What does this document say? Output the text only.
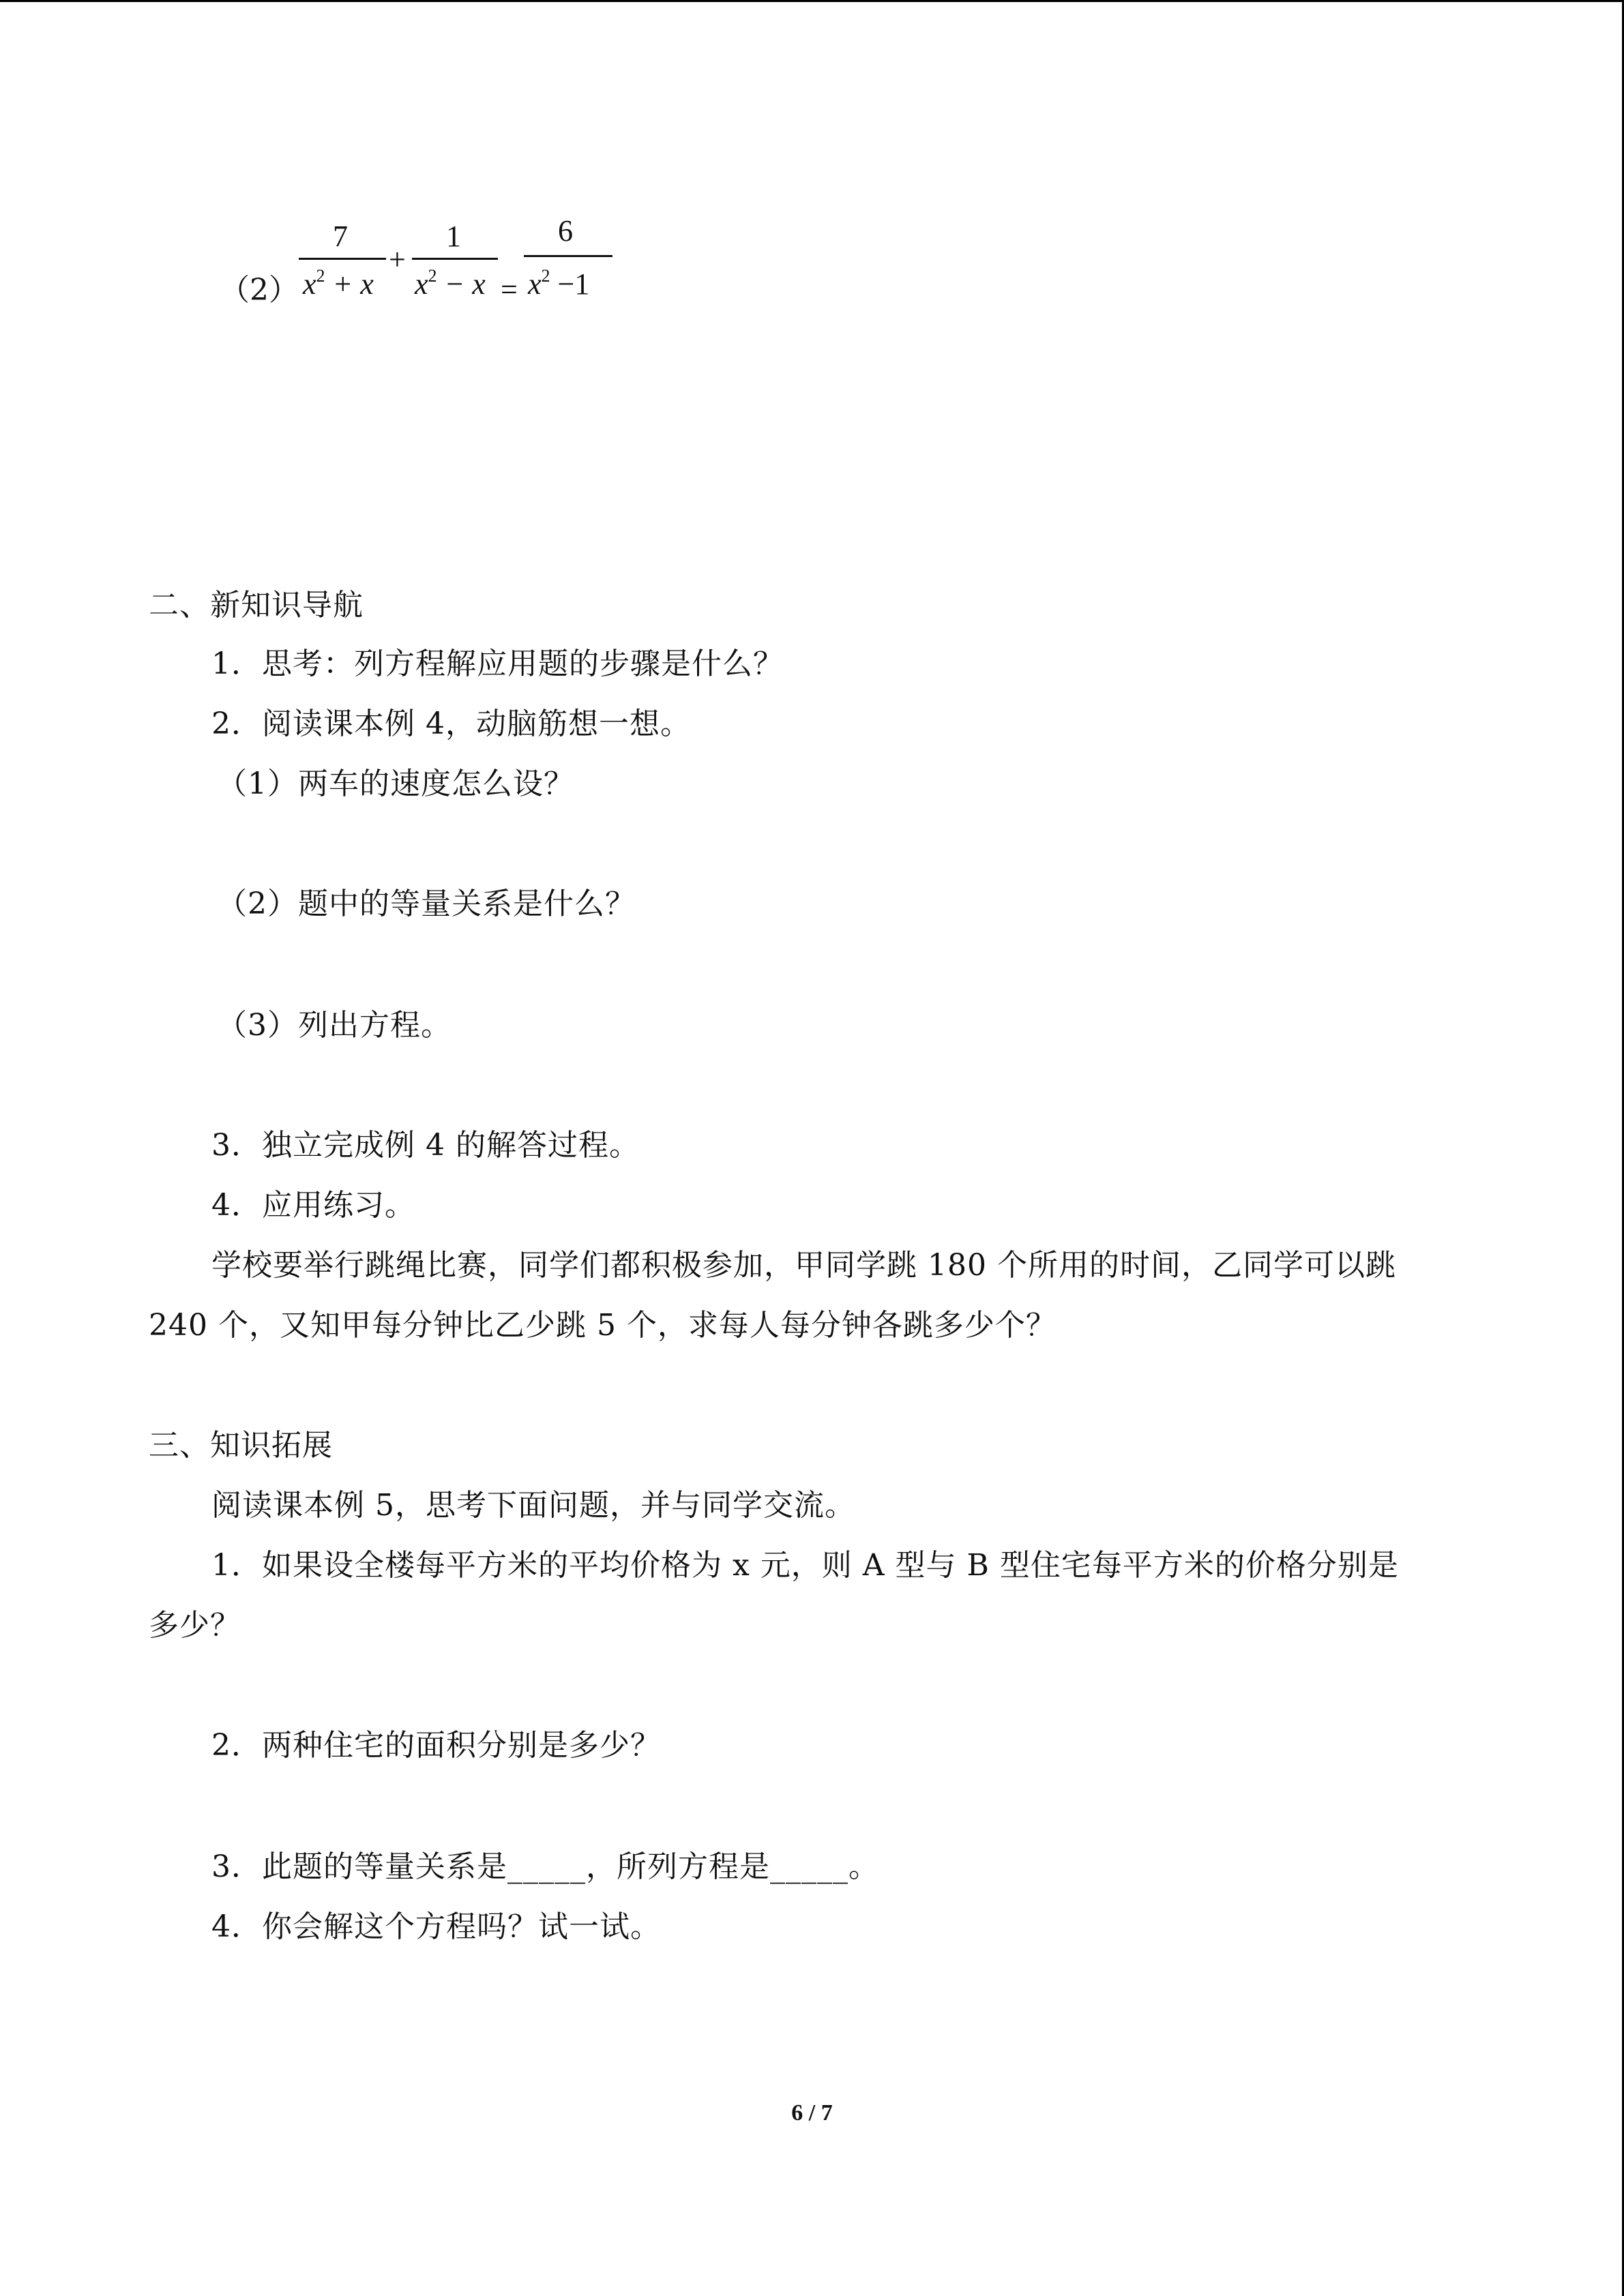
（2）
7
$x^2 + x$
+
1
$x^2 - x$ =
6
$x^2 -1$
二、新知识导航
1．思考：列方程解应用题的步骤是什么？
2．阅读课本例 4，动脑筋想一想。
（1）两车的速度怎么设？
（2）题中的等量关系是什么？
（3）列出方程。
3．独立完成例 4 的解答过程。
4．应用练习。
学校要举行跳绳比赛，同学们都积极参加，甲同学跳 180 个所用的时间，乙同学可以跳
240 个，又知甲每分钟比乙少跳 5 个，求每人每分钟各跳多少个？
三、知识拓展
阅读课本例 5，思考下面问题，并与同学交流。
1．如果设全楼每平方米的平均价格为 x 元，则 A 型与 B 型住宅每平方米的价格分别是
多少？
2．两种住宅的面积分别是多少？
3．此题的等量关系是_____，所列方程是_____。
4．你会解这个方程吗？试一试。
6 / 7
